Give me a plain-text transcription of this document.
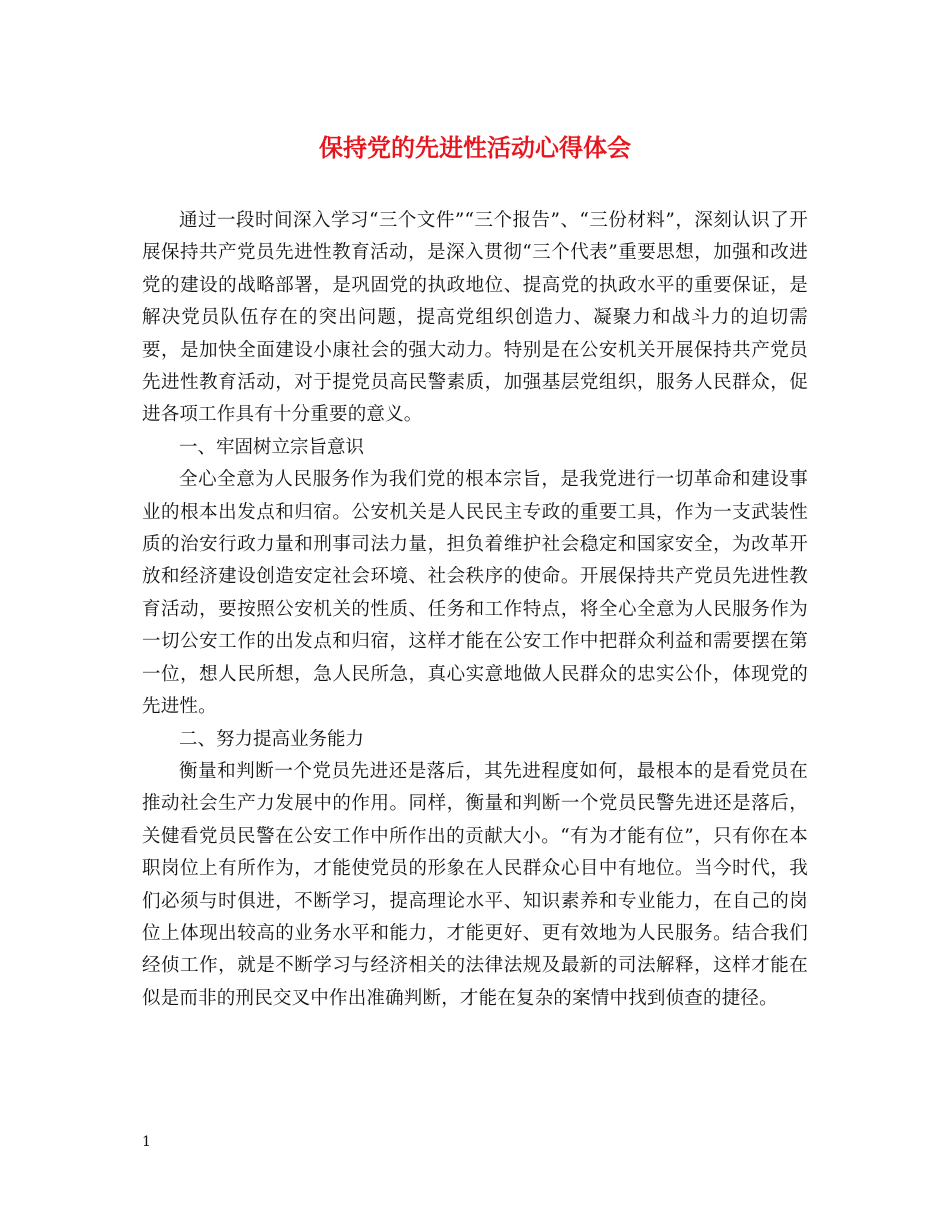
保持党的先进性活动心得体会

通过一段时间深入学习“三个文件”“三个报告”、“三份材料”，深刻认识了开展保持共产党员先进性教育活动，是深入贯彻“三个代表”重要思想，加强和改进党的建设的战略部署，是巩固党的执政地位、提高党的执政水平的重要保证，是解决党员队伍存在的突出问题，提高党组织创造力、凝聚力和战斗力的迫切需要，是加快全面建设小康社会的强大动力。特别是在公安机关开展保持共产党员先进性教育活动，对于提党员高民警素质，加强基层党组织，服务人民群众，促进各项工作具有十分重要的意义。

一、牢固树立宗旨意识

全心全意为人民服务作为我们党的根本宗旨，是我党进行一切革命和建设事业的根本出发点和归宿。公安机关是人民民主专政的重要工具，作为一支武装性质的治安行政力量和刑事司法力量，担负着维护社会稳定和国家安全，为改革开放和经济建设创造安定社会环境、社会秩序的使命。开展保持共产党员先进性教育活动，要按照公安机关的性质、任务和工作特点，将全心全意为人民服务作为一切公安工作的出发点和归宿，这样才能在公安工作中把群众利益和需要摆在第一位，想人民所想，急人民所急，真心实意地做人民群众的忠实公仆，体现党的先进性。

二、努力提高业务能力

衡量和判断一个党员先进还是落后，其先进程度如何，最根本的是看党员在推动社会生产力发展中的作用。同样，衡量和判断一个党员民警先进还是落后，关健看党员民警在公安工作中所作出的贡献大小。“有为才能有位”，只有你在本职岗位上有所作为，才能使党员的形象在人民群众心目中有地位。当今时代，我们必须与时俱进，不断学习，提高理论水平、知识素养和专业能力，在自己的岗位上体现出较高的业务水平和能力，才能更好、更有效地为人民服务。结合我们经侦工作，就是不断学习与经济相关的法律法规及最新的司法解释，这样才能在似是而非的刑民交叉中作出准确判断，才能在复杂的案情中找到侦查的捷径。

1
